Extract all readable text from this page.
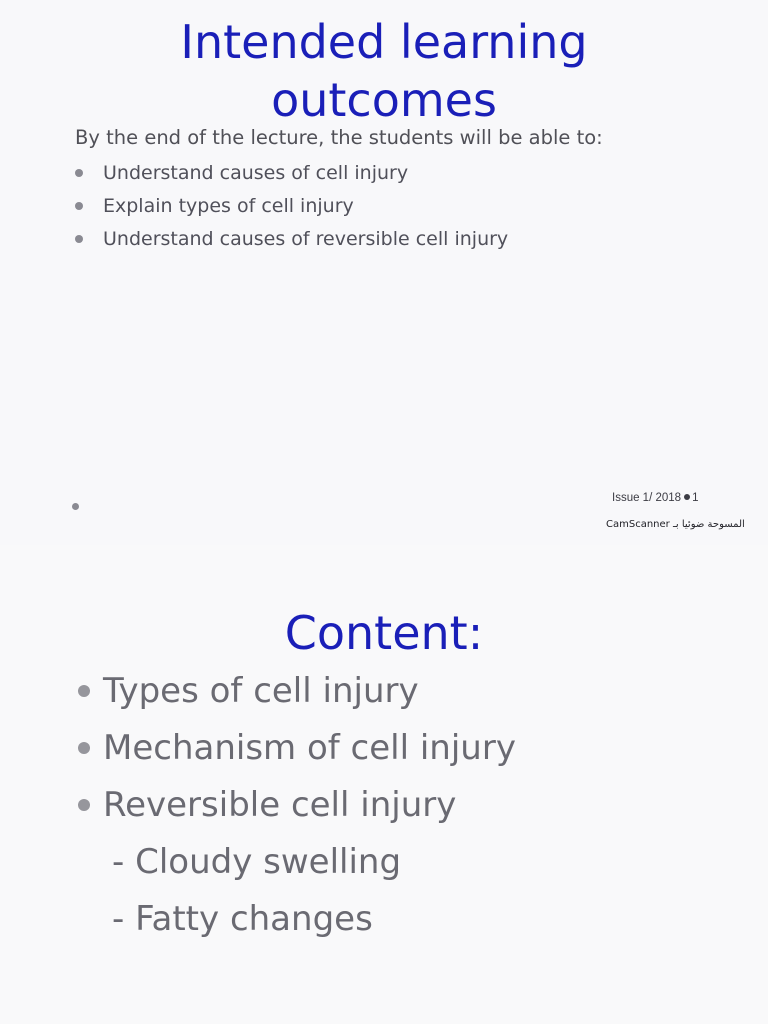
Intended learning
outcomes

By the end of the lecture, the students will be able to:

Understand causes of cell injury
Explain types of cell injury
Understand causes of reversible cell injury
Issue 1/ 2018 1
CamScanner المسوحة ضوئيا بـ
Content:
Types of cell injury
Mechanism of cell injury
Reversible cell injury
- Cloudy swelling
- Fatty changes
